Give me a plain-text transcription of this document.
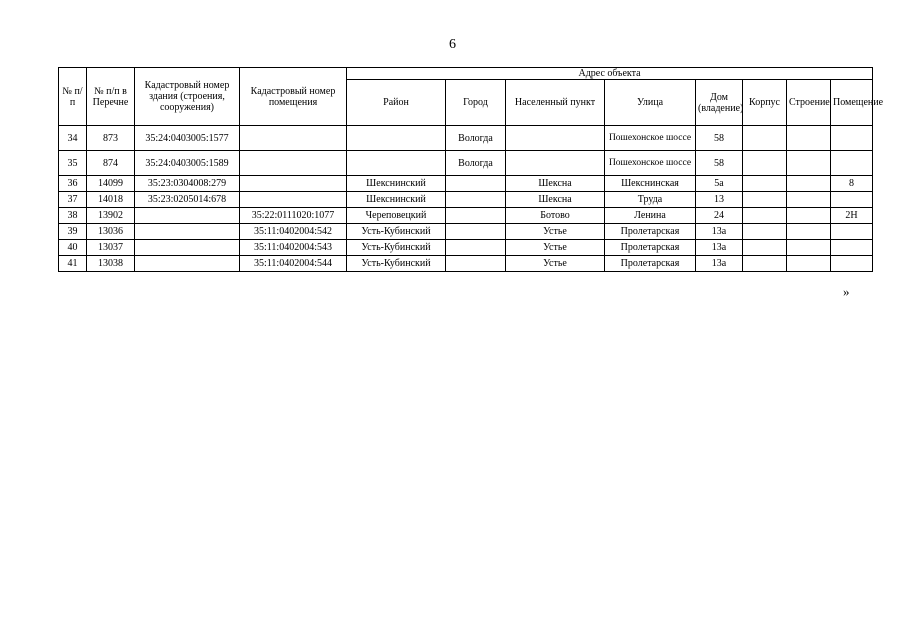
6
№ п/п	№ п/п в Перечне	Кадастровый номер здания (строения, сооружения)	Кадастровый номер помещения	Адрес объекта							
				Район	Город	Населенный пункт	Улица	Дом (владение)	Корпус	Строение	Помещение
34	873	35:24:0403005:1577			Вологда		Пошехонское шоссе	58			
35	874	35:24:0403005:1589			Вологда		Пошехонское шоссе	58			
36	14099	35:23:0304008:279		Шекснинский		Шексна	Шекснинская	5а			8
37	14018	35:23:0205014:678		Шекснинский		Шексна	Труда	13			
38	13902		35:22:0111020:1077	Череповецкий		Ботово	Ленина	24			2Н
39	13036		35:11:0402004:542	Усть-Кубинский		Устье	Пролетарская	13а			
40	13037		35:11:0402004:543	Усть-Кубинский		Устье	Пролетарская	13а			
41	13038		35:11:0402004:544	Усть-Кубинский		Устье	Пролетарская	13а			
»
